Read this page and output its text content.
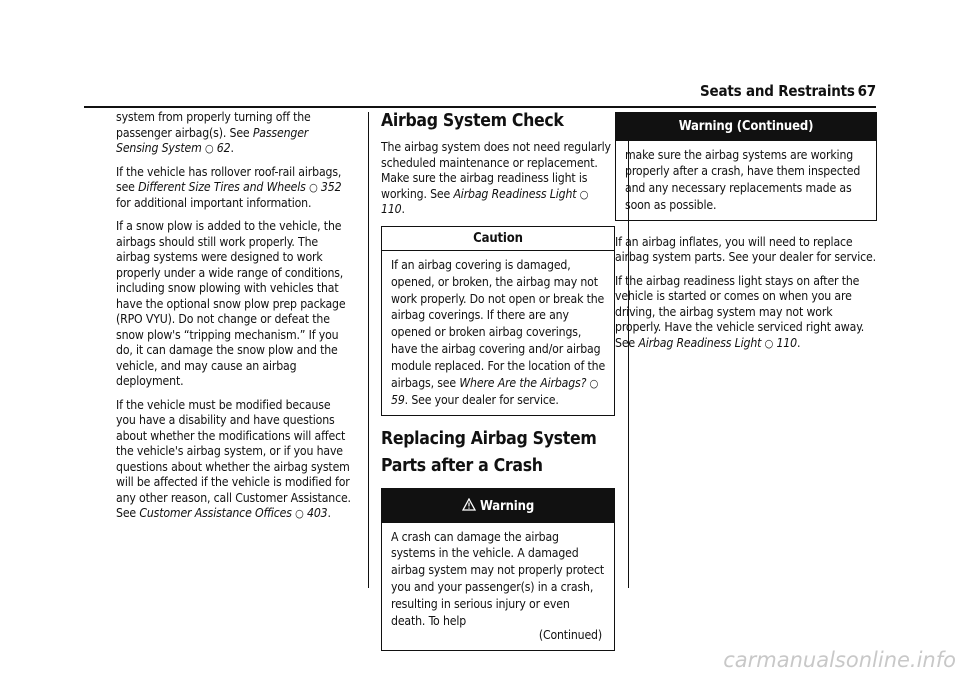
Seats and Restraints 67

system from properly turning off the passenger airbag(s). See Passenger Sensing System ○ 62.

If the vehicle has rollover roof-rail airbags, see Different Size Tires and Wheels ○ 352 for additional important information.

If a snow plow is added to the vehicle, the airbags should still work properly. The airbag systems were designed to work properly under a wide range of conditions, including snow plowing with vehicles that have the optional snow plow prep package (RPO VYU). Do not change or defeat the snow plow's “tripping mechanism.” If you do, it can damage the snow plow and the vehicle, and may cause an airbag deployment.

If the vehicle must be modified because you have a disability and have questions about whether the modifications will affect the vehicle's airbag system, or if you have questions about whether the airbag system will be affected if the vehicle is modified for any other reason, call Customer Assistance. See Customer Assistance Offices ○ 403.

Airbag System Check

The airbag system does not need regularly scheduled maintenance or replacement. Make sure the airbag readiness light is working. See Airbag Readiness Light ○ 110.

Caution
If an airbag covering is damaged, opened, or broken, the airbag may not work properly. Do not open or break the airbag coverings. If there are any opened or broken airbag coverings, have the airbag covering and/or airbag module replaced. For the location of the airbags, see Where Are the Airbags? ○ 59. See your dealer for service.
Replacing Airbag System Parts after a Crash
Warning
A crash can damage the airbag systems in the vehicle. A damaged airbag system may not properly protect you and your passenger(s) in a crash, resulting in serious injury or even death. To help
(Continued)
Warning (Continued)
make sure the airbag systems are working properly after a crash, have them inspected and any necessary replacements made as soon as possible.

If an airbag inflates, you will need to replace airbag system parts. See your dealer for service.

If the airbag readiness light stays on after the vehicle is started or comes on when you are driving, the airbag system may not work properly. Have the vehicle serviced right away. See Airbag Readiness Light ○ 110.

carmanualsonline.info
